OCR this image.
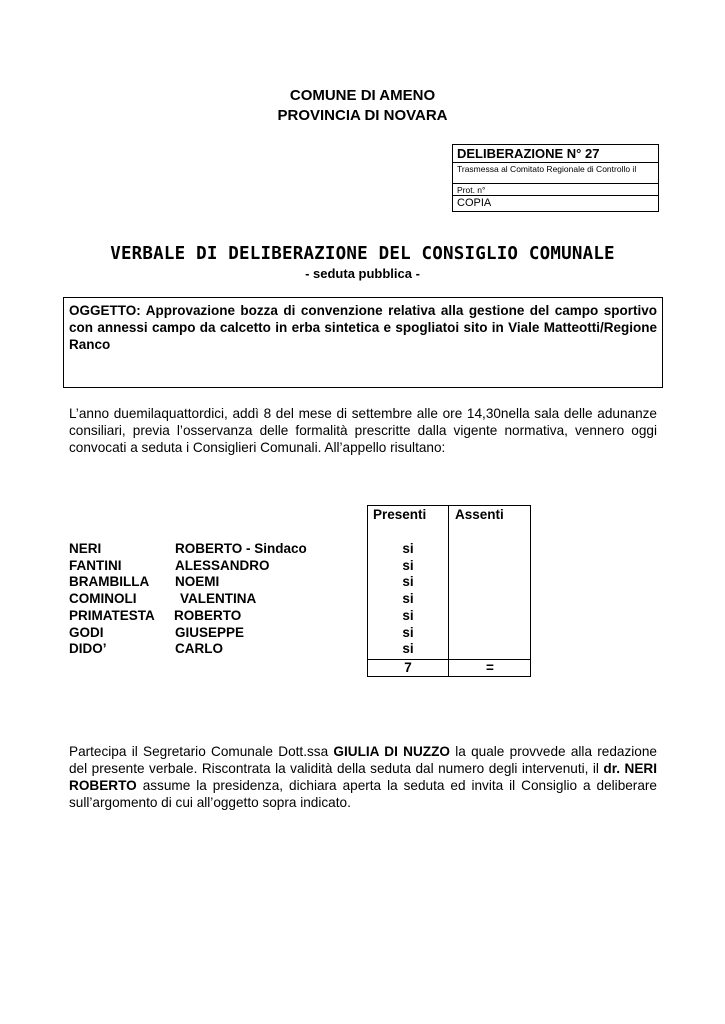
COMUNE DI AMENO
PROVINCIA DI NOVARA
DELIBERAZIONE N° 27
Trasmessa al Comitato Regionale di Controllo il
Prot. n°
COPIA
VERBALE DI DELIBERAZIONE DEL CONSIGLIO COMUNALE
- seduta pubblica -
OGGETTO: Approvazione bozza di convenzione relativa alla gestione del campo sportivo con annessi campo da calcetto in erba sintetica e spogliatoi sito in Viale Matteotti/Regione Ranco
L’anno duemilaquattordici, addì 8 del mese di settembre alle ore 14,30nella sala delle adunanze consiliari, previa l’osservanza delle formalità prescritte dalla vigente normativa, vennero oggi convocati a seduta i Consiglieri Comunali. All’appello risultano:
Presenti Assenti
NERI	ROBERTO - Sindaco	si
FANTINI	ALESSANDRO	si
BRAMBILLA NOEMI	si
COMINOLI	VALENTINA	si
PRIMATESTA ROBERTO	si
GODI	GIUSEPPE	si
DIDO’	CARLO	si
7	=
Partecipa il Segretario Comunale Dott.ssa GIULIA DI NUZZO la quale provvede alla redazione del presente verbale. Riscontrata la validità della seduta dal numero degli intervenuti, il dr. NERI ROBERTO assume la presidenza, dichiara aperta la seduta ed invita il Consiglio a deliberare sull’argomento di cui all’oggetto sopra indicato.
